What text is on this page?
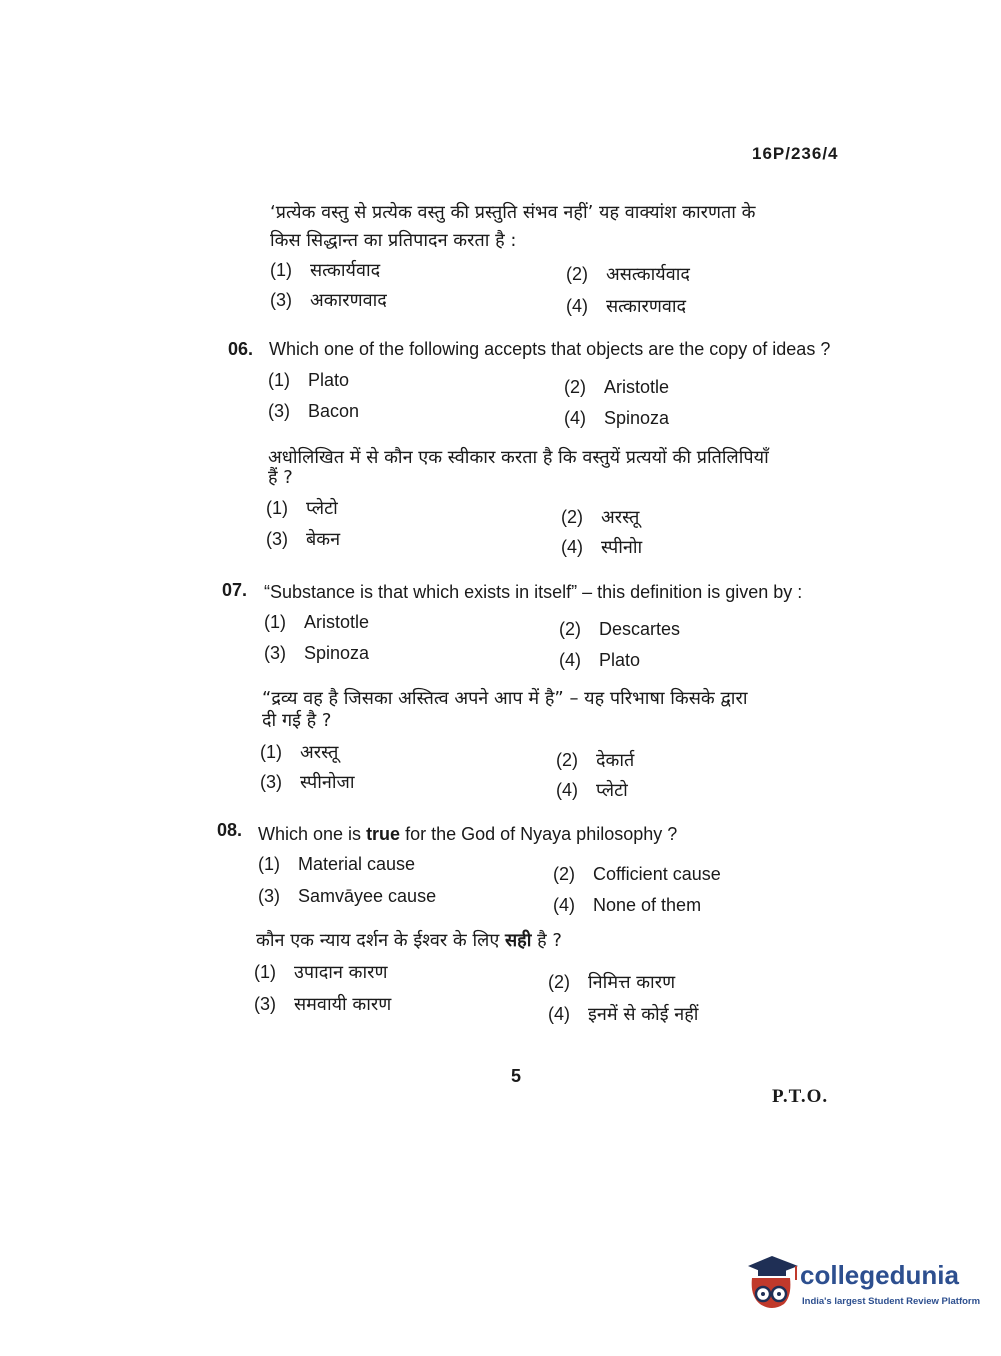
16P/236/4
‘प्रत्येक वस्तु से प्रत्येक वस्तु की प्रस्तुति संभव नहीं’ यह वाक्यांश कारणता के
किस सिद्धान्त का प्रतिपादन करता है :
(1) सत्कार्यवाद	(2) असत्कार्यवाद
(3) अकारणवाद	(4) सत्कारणवाद
06. Which one of the following accepts that objects are the copy of ideas ?
(1) Plato	(2) Aristotle
(3) Bacon	(4) Spinoza
अधोलिखित में से कौन एक स्वीकार करता है कि वस्तुयें प्रत्ययों की प्रतिलिपियाँ
हैं ?
(1) प्लेटो	(2) अरस्तू
(3) बेकन	(4) स्पीनोा
07. “Substance is that which exists in itself” – this definition is given by :
(1) Aristotle	(2) Descartes
(3) Spinoza	(4) Plato
“द्रव्य वह है जिसका अस्तित्व अपने आप में है” – यह परिभाषा किसके द्वारा
दी गई है ?
(1) अरस्तू	(2) देकार्त
(3) स्पीनोजा	(4) प्लेटो
08. Which one is true for the God of Nyaya philosophy ?
(1) Material cause	(2) Cofficient cause
(3) Samvāyee cause	(4) None of them
कौन एक न्याय दर्शन के ईश्वर के लिए सही है ?
(1) उपादान कारण	(2) निमित्त कारण
(3) समवायी कारण	(4) इनमें से कोई नहीं
5
P.T.O.
collegedunia
India's largest Student Review Platform
